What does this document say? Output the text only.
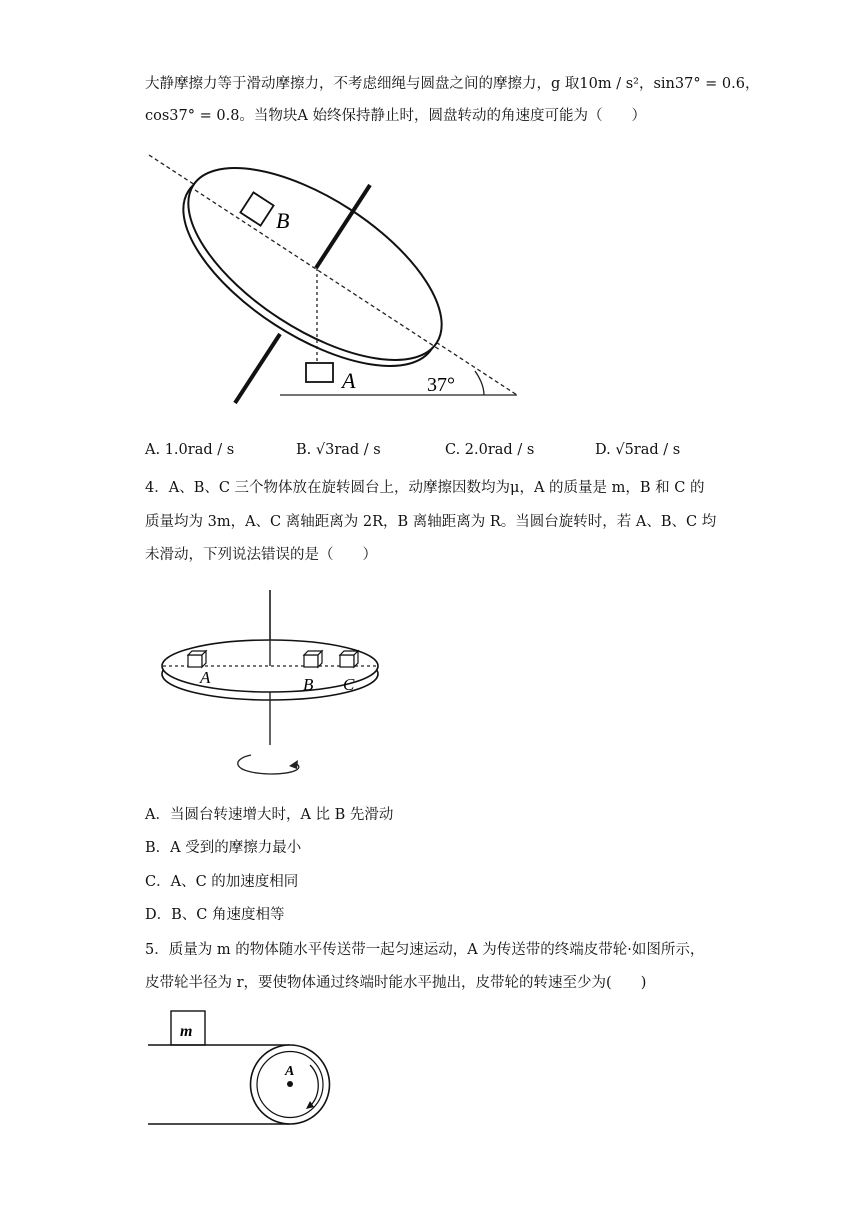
大静摩擦力等于滑动摩擦力，不考虑细绳与圆盘之间的摩擦力，g 取10m / s²，sin37° = 0.6，
cos37° = 0.8。当物块A 始终保持静止时，圆盘转动的角速度可能为（　　）
B
A	37°
A. 1.0rad / s	B. √3rad / s	C. 2.0rad / s	D. √5rad / s
4．A、B、C 三个物体放在旋转圆台上，动摩擦因数均为μ，A 的质量是 m，B 和 C 的
质量均为 3m，A、C 离轴距离为 2R，B 离轴距离为 R。当圆台旋转时，若 A、B、C 均
未滑动，下列说法错误的是（　　）
A	B C
A．当圆台转速增大时，A 比 B 先滑动
B．A 受到的摩擦力最小
C．A、C 的加速度相同
D．B、C 角速度相等
5．质量为 m 的物体随水平传送带一起匀速运动，A 为传送带的终端皮带轮·如图所示，
皮带轮半径为 r，要使物体通过终端时能水平抛出，皮带轮的转速至少为(　　)
m
A
